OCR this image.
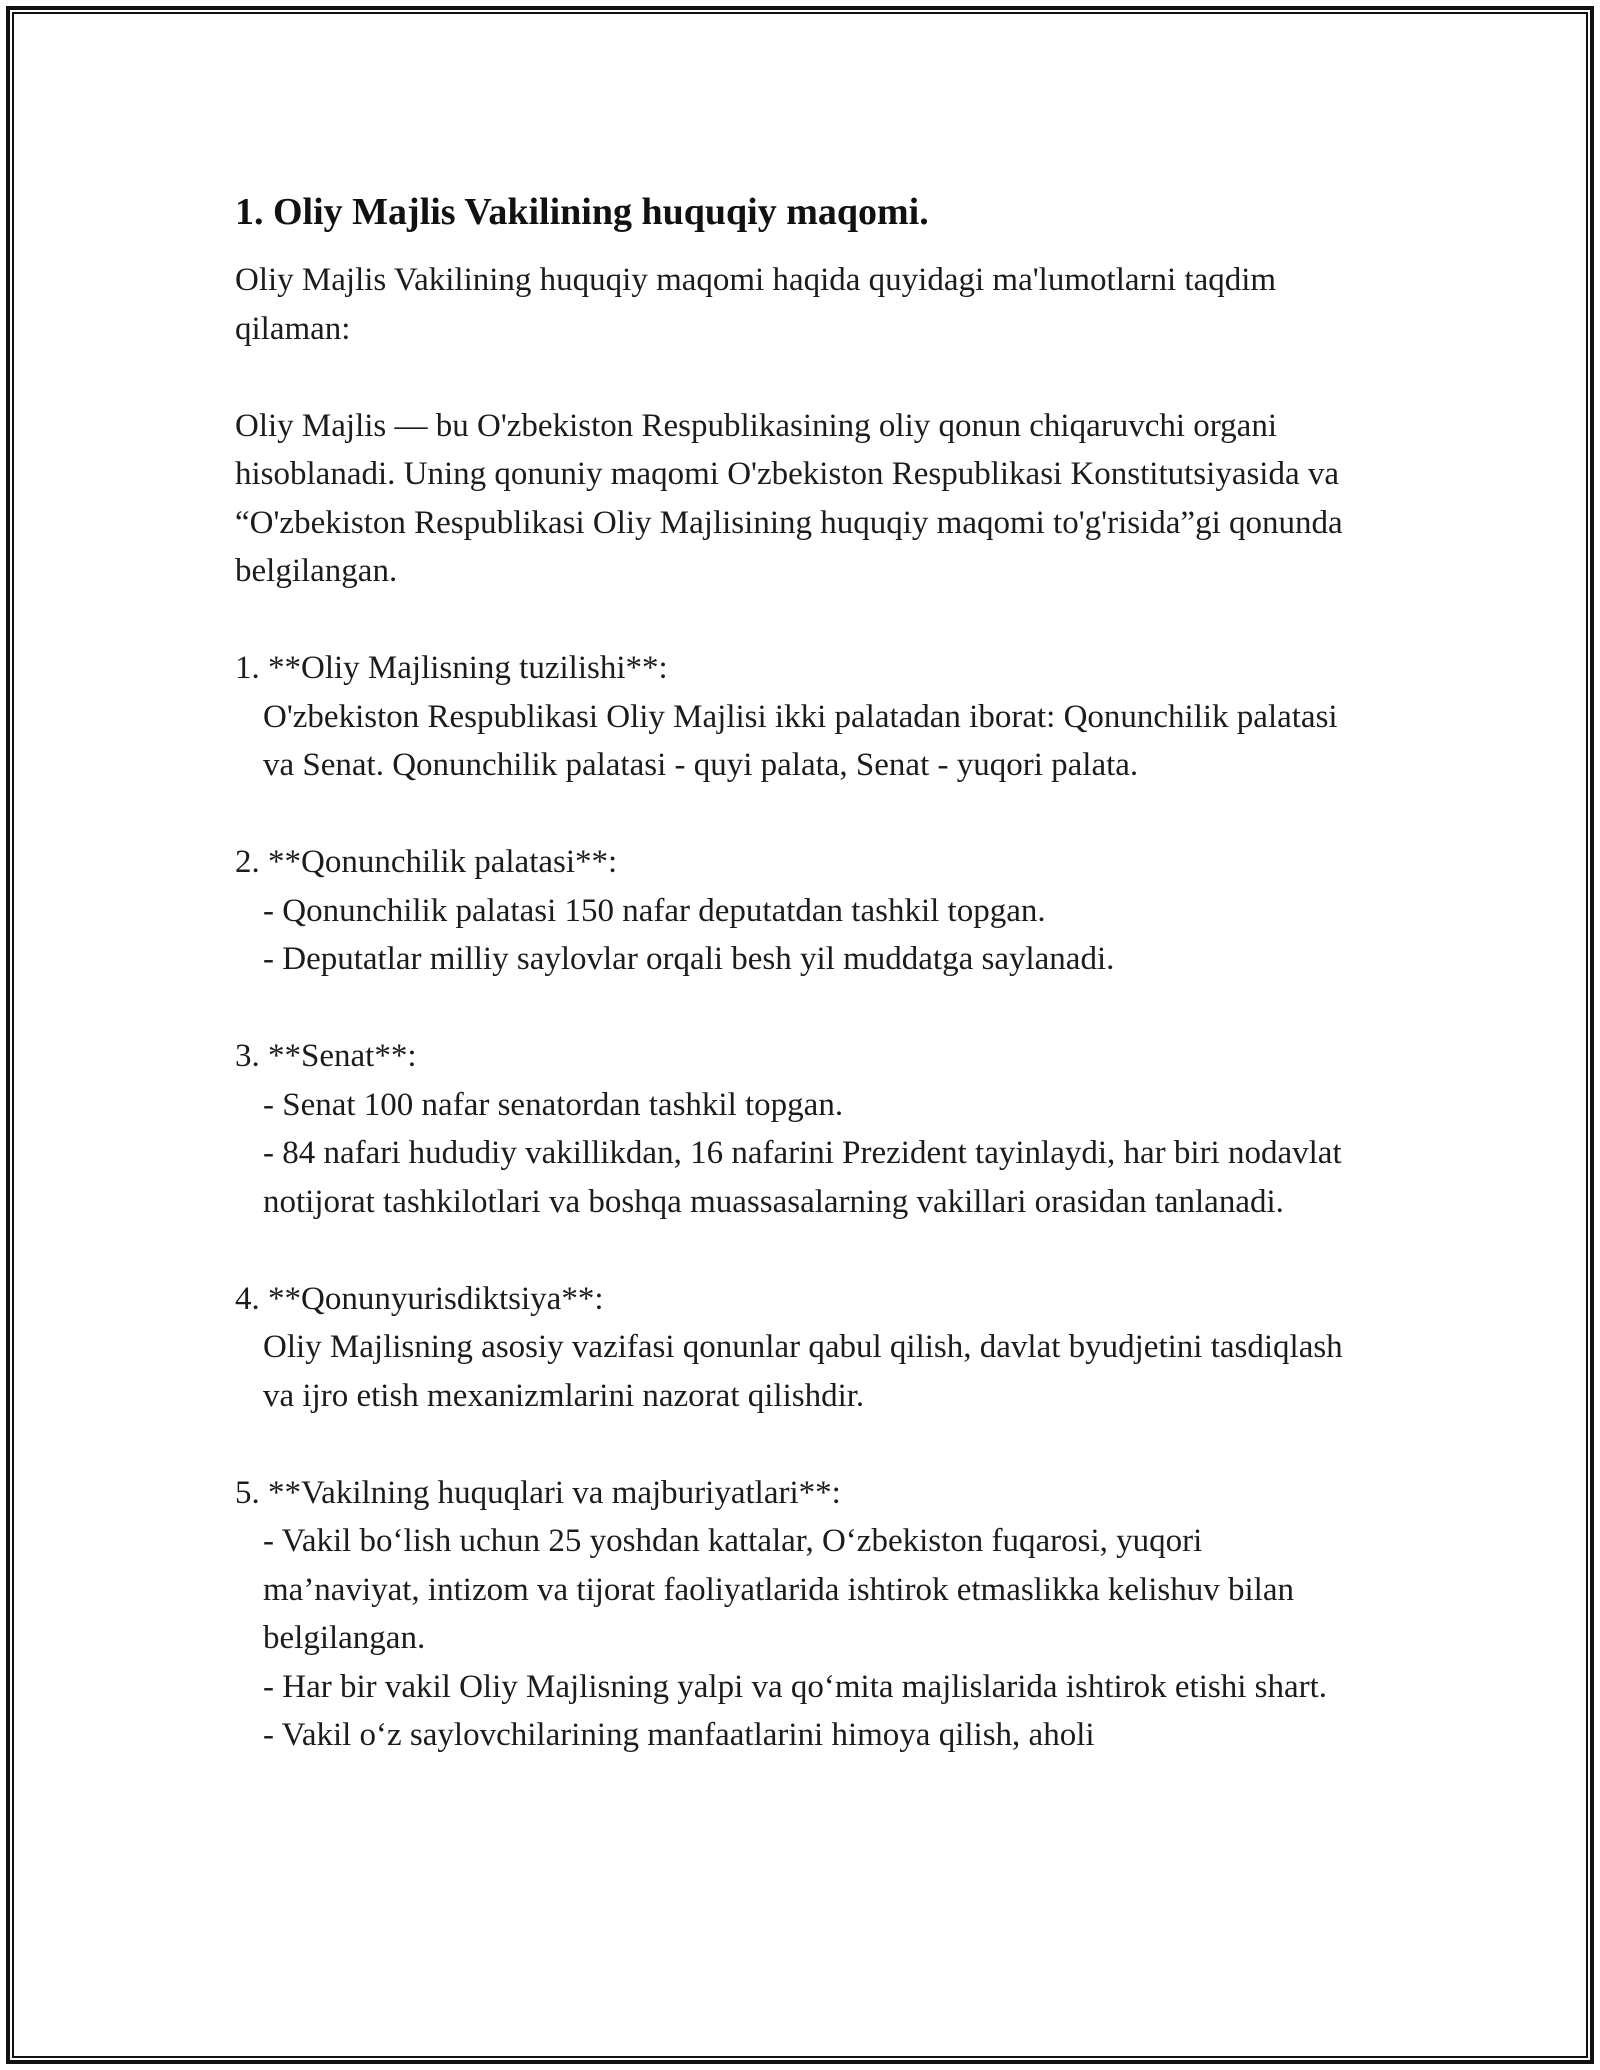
1. Oliy Majlis Vakilining huquqiy maqomi.

Oliy Majlis Vakilining huquqiy maqomi haqida quyidagi ma'lumotlarni taqdim qilaman:

Oliy Majlis — bu O'zbekiston Respublikasining oliy qonun chiqaruvchi organi hisoblanadi. Uning qonuniy maqomi O'zbekiston Respublikasi Konstitutsiyasida va “O'zbekiston Respublikasi Oliy Majlisining huquqiy maqomi to'g'risida”gi qonunda belgilangan.

1. **Oliy Majlisning tuzilishi**:

O'zbekiston Respublikasi Oliy Majlisi ikki palatadan iborat: Qonunchilik palatasi va Senat. Qonunchilik palatasi - quyi palata, Senat - yuqori palata.

2. **Qonunchilik palatasi**:

- Qonunchilik palatasi 150 nafar deputatdan tashkil topgan.

- Deputatlar milliy saylovlar orqali besh yil muddatga saylanadi.

3. **Senat**:

- Senat 100 nafar senatordan tashkil topgan.

- 84 nafari hududiy vakillikdan, 16 nafarini Prezident tayinlaydi, har biri nodavlat notijorat tashkilotlari va boshqa muassasalarning vakillari orasidan tanlanadi.

4. **Qonunyurisdiktsiya**:

Oliy Majlisning asosiy vazifasi qonunlar qabul qilish, davlat byudjetini tasdiqlash va ijro etish mexanizmlarini nazorat qilishdir.

5. **Vakilning huquqlari va majburiyatlari**:

- Vakil bo‘lish uchun 25 yoshdan kattalar, O‘zbekiston fuqarosi, yuqori ma’naviyat, intizom va tijorat faoliyatlarida ishtirok etmaslikka kelishuv bilan belgilangan.

- Har bir vakil Oliy Majlisning yalpi va qo‘mita majlislarida ishtirok etishi shart.

- Vakil o‘z saylovchilarining manfaatlarini himoya qilish, aholi
